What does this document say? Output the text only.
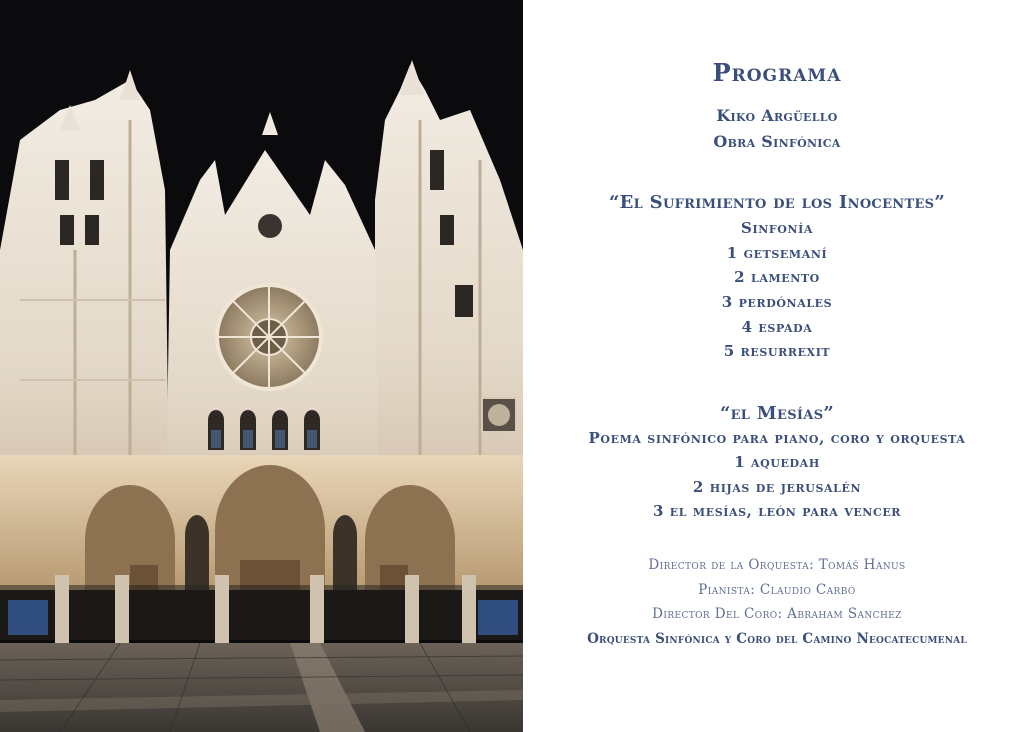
Programa
Kiko Argüello
Obra Sinfónica
“El Sufrimiento de los Inocentes”
Sinfonía
1 getsemaní
2 lamento
3 perdónales
4 espada
5 resurrexit
“el Mesías”
Poema sinfónico para piano, coro y orquesta
1 aquedah
2 hijas de jerusalén
3 el mesías, león para vencer
Director de la Orquesta: Tomáš Hanus
Pianista: Claudio Carbó
Director Del Coro: Abraham Sanchez
Orquesta Sinfónica y Coro del Camino Neocatecumenal
